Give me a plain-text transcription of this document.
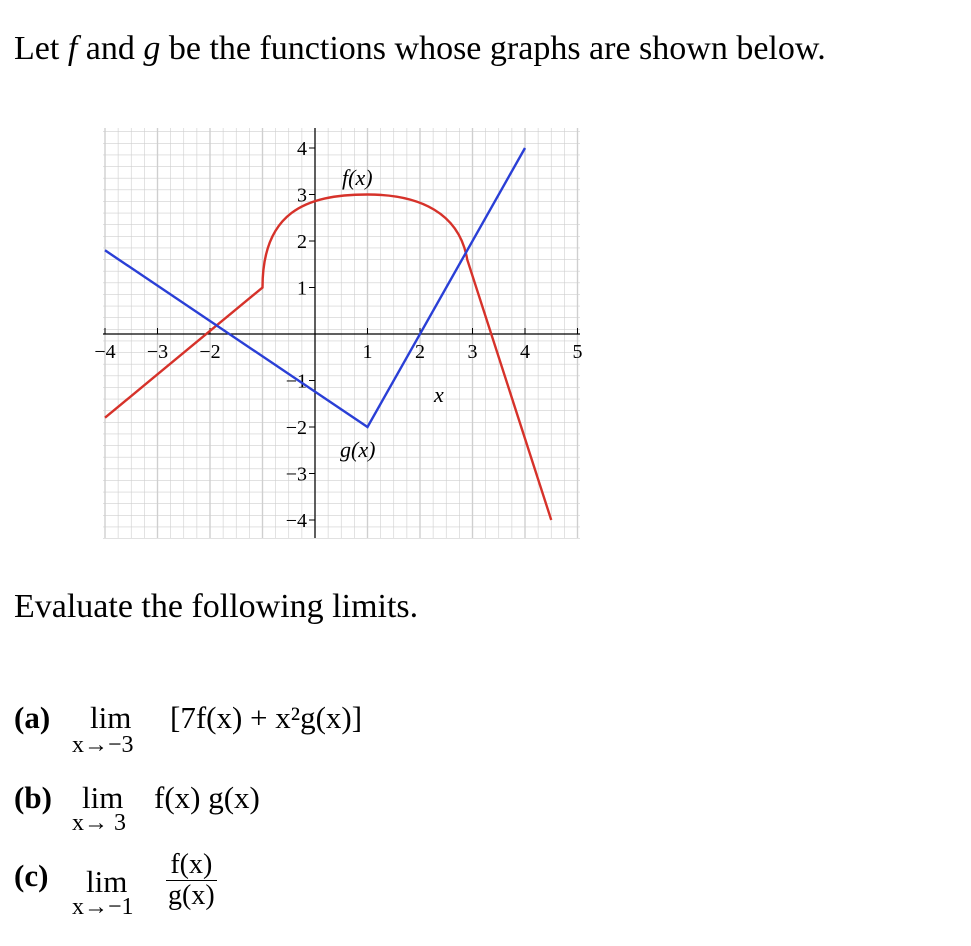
Let f and g be the functions whose graphs are shown below.
−4 −3 −2	1 2 3 4 5
4
3
2
1
−1
−2
−3
−4
f(x)
g(x)
x
Evaluate the following limits.
(a) lim
x→−3
[7f(x) + x²g(x)]
(b) lim
x→ 3
f(x) g(x)
(c) lim
$x\to-1 \frac{f(x)}{g(x)}$
